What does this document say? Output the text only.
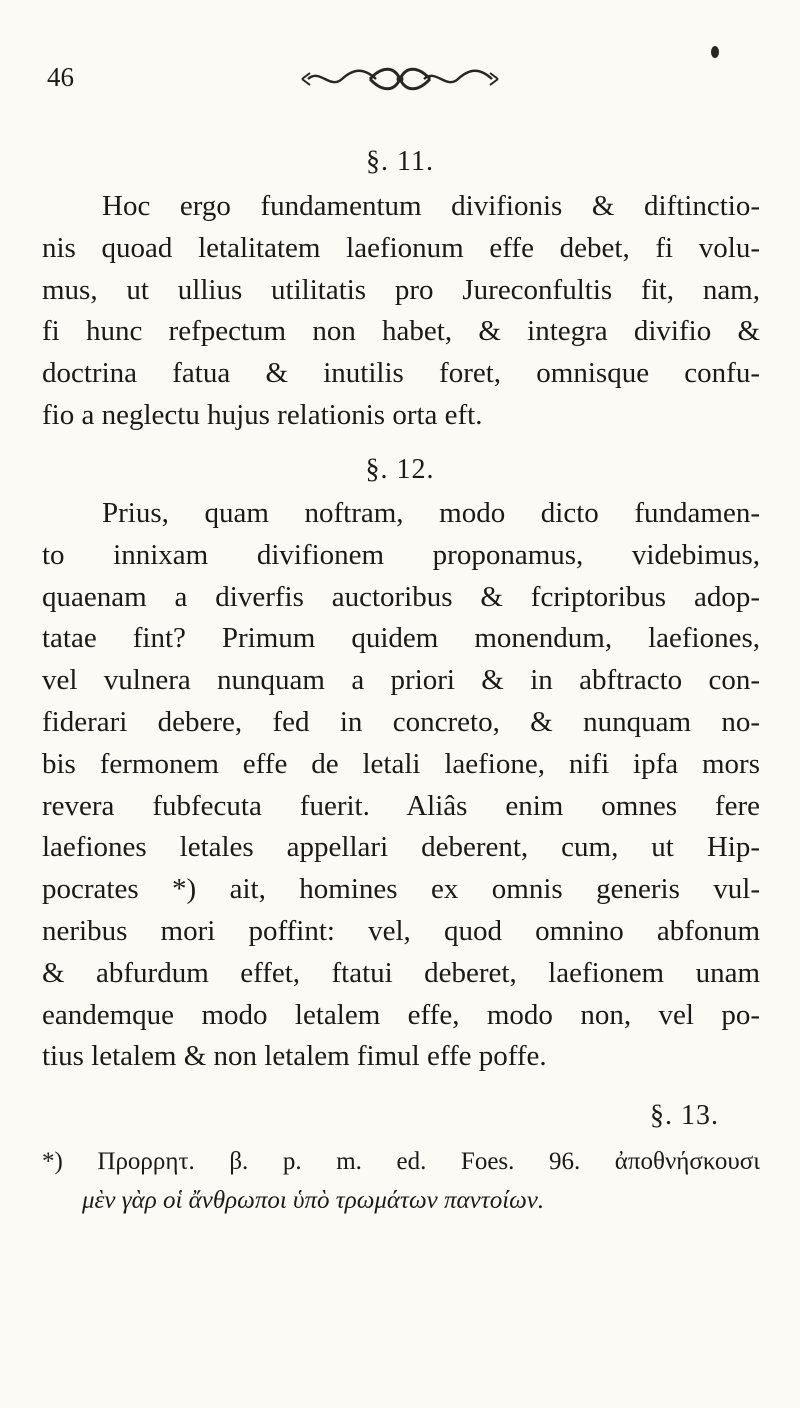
46
§. 11.
Hoc ergo fundamentum divifionis & diftinctio-
nis quoad letalitatem laefionum effe debet, fi volu-
mus, ut ullius utilitatis pro Jureconfultis fit, nam,
fi hunc refpectum non habet, & integra divifio &
doctrina fatua & inutilis foret, omnisque confu-
fio a neglectu hujus relationis orta eft.
§. 12.
Prius, quam noftram, modo dicto fundamen-
to innixam divifionem proponamus, videbimus,
quaenam a diverfis auctoribus & fcriptoribus adop-
tatae fint? Primum quidem monendum, laefiones,
vel vulnera nunquam a priori & in abftracto con-
fiderari debere, fed in concreto, & nunquam no-
bis fermonem effe de letali laefione, nifi ipfa mors
revera fubfecuta fuerit. Aliâs enim omnes fere
laefiones letales appellari deberent, cum, ut Hip-
pocrates *) ait, homines ex omnis generis vul-
neribus mori poffint: vel, quod omnino abfonum
& abfurdum effet, ftatui deberet, laefionem unam
eandemque modo letalem effe, modo non, vel po-
tius letalem & non letalem fimul effe poffe.
§. 13.
*) Προρρητ. β. p. m. ed. Foes. 96. ἀποθνήσκουσι
μὲν γὰρ οἱ ἄνθρωποι ὑπὸ τρωμάτων παντοίων.
